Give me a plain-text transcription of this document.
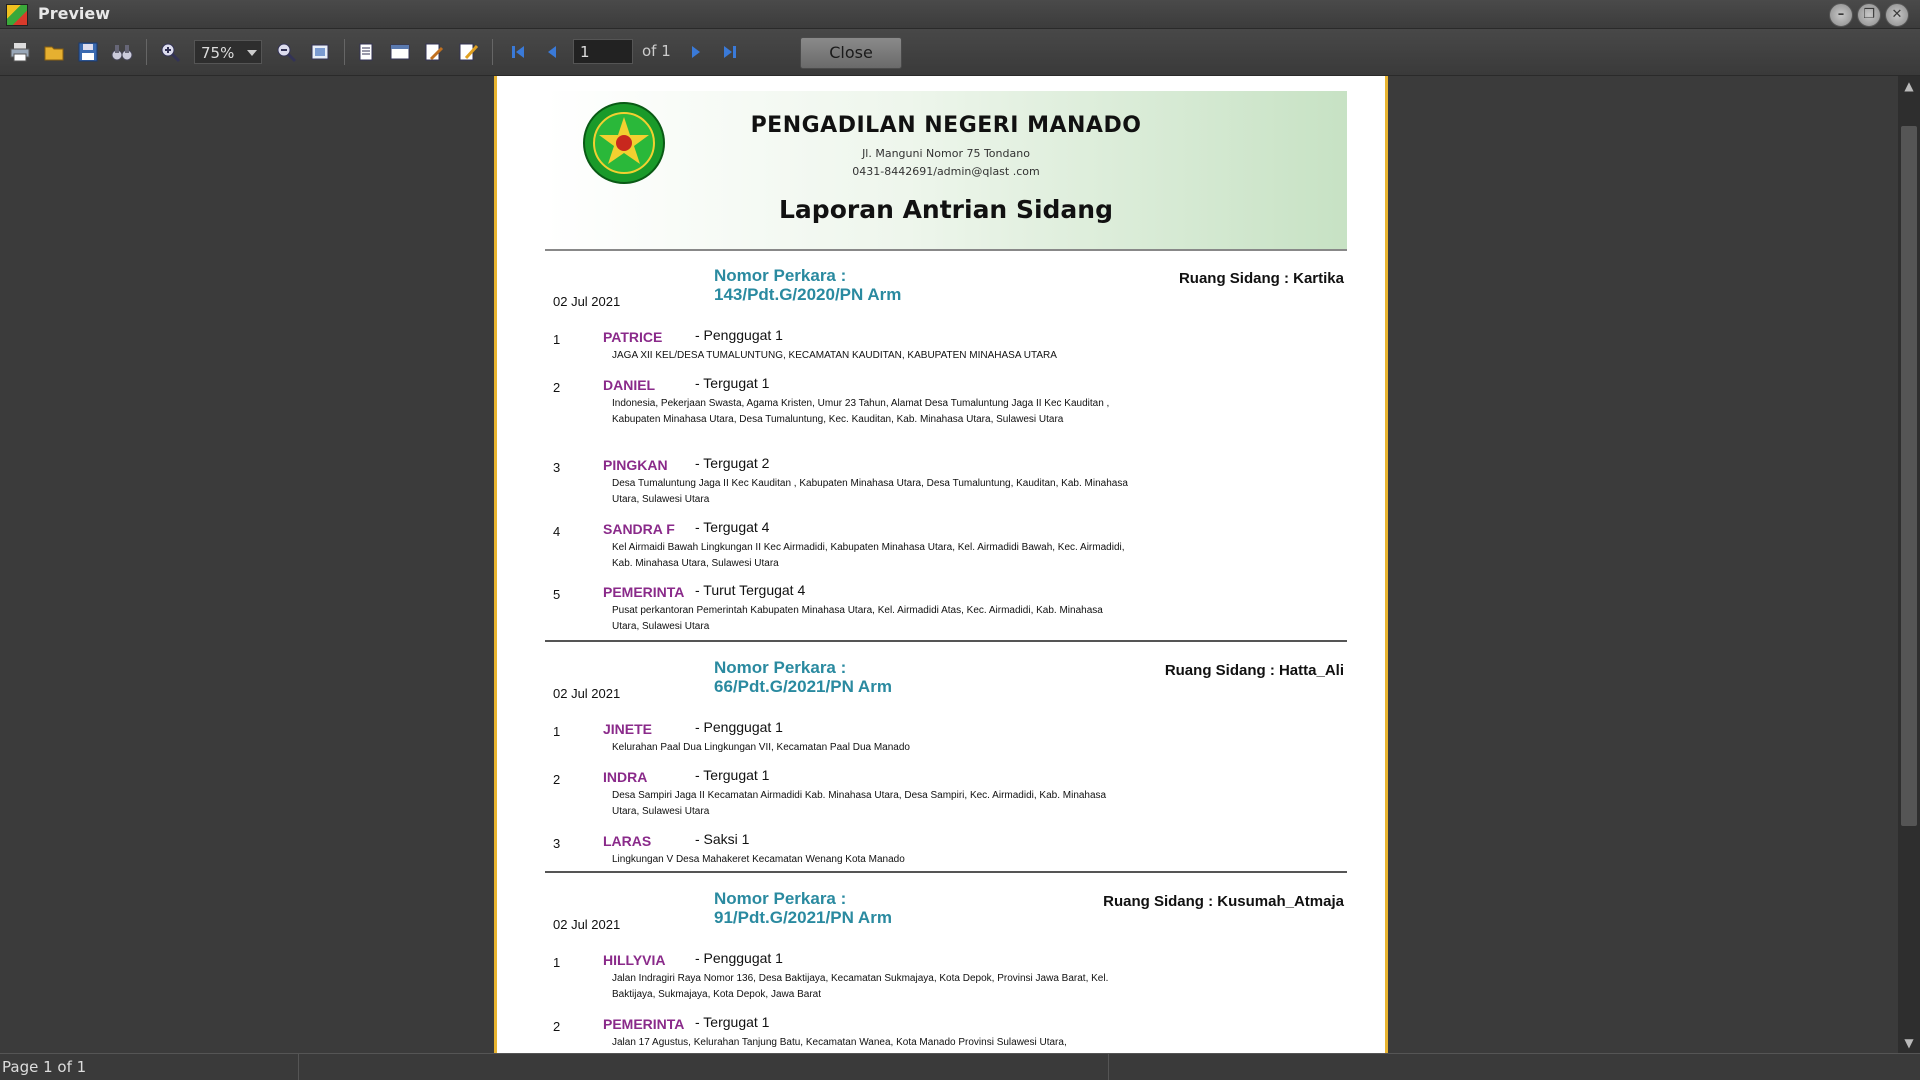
Preview	–	❐	✕
75%	1	of 1	Close
PENGADILAN NEGERI MANADO
Jl. Manguni Nomor 75 Tondano
0431-8442691/admin@qlast .com
Laporan Antrian Sidang
02 Jul 2021
Nomor Perkara :
143/Pdt.G/2020/PN Arm
Ruang Sidang : Kartika
1	PATRICE - Penggugat 1
JAGA XII KEL/DESA TUMALUNTUNG, KECAMATAN KAUDITAN, KABUPATEN MINAHASA UTARA
2	DANIEL	- Tergugat 1
Indonesia, Pekerjaan Swasta, Agama Kristen, Umur 23 Tahun, Alamat Desa Tumaluntung Jaga II Kec Kauditan , Kabupaten Minahasa Utara, Desa Tumaluntung, Kec. Kauditan, Kab. Minahasa Utara, Sulawesi Utara
3	PINGKAN - Tergugat 2
Desa Tumaluntung Jaga II Kec Kauditan , Kabupaten Minahasa Utara, Desa Tumaluntung, Kauditan, Kab. Minahasa Utara, Sulawesi Utara
4	SANDRA F - Tergugat 4
Kel Airmaidi Bawah Lingkungan II Kec Airmadidi, Kabupaten Minahasa Utara, Kel. Airmadidi Bawah, Kec. Airmadidi, Kab. Minahasa Utara, Sulawesi Utara
5	PEMERINTA - Turut Tergugat 4
Pusat perkantoran Pemerintah Kabupaten Minahasa Utara, Kel. Airmadidi Atas, Kec. Airmadidi, Kab. Minahasa Utara, Sulawesi Utara
02 Jul 2021
Nomor Perkara :
66/Pdt.G/2021/PN Arm
Ruang Sidang : Hatta_Ali
1	JINETE	- Penggugat 1
Kelurahan Paal Dua Lingkungan VII, Kecamatan Paal Dua Manado
2	INDRA	- Tergugat 1
Desa Sampiri Jaga II Kecamatan Airmadidi Kab. Minahasa Utara, Desa Sampiri, Kec. Airmadidi, Kab. Minahasa Utara, Sulawesi Utara
3	LARAS	- Saksi 1
Lingkungan V Desa Mahakeret Kecamatan Wenang Kota Manado
02 Jul 2021
Nomor Perkara :
91/Pdt.G/2021/PN Arm
Ruang Sidang : Kusumah_Atmaja
1	HILLYVIA - Penggugat 1
Jalan Indragiri Raya Nomor 136, Desa Baktijaya, Kecamatan Sukmajaya, Kota Depok, Provinsi Jawa Barat, Kel. Baktijaya, Sukmajaya, Kota Depok, Jawa Barat
2	PEMERINTA - Tergugat 1
Jalan 17 Agustus, Kelurahan Tanjung Batu, Kecamatan Wanea, Kota Manado Provinsi Sulawesi Utara,
▲
▼
Page 1 of 1
